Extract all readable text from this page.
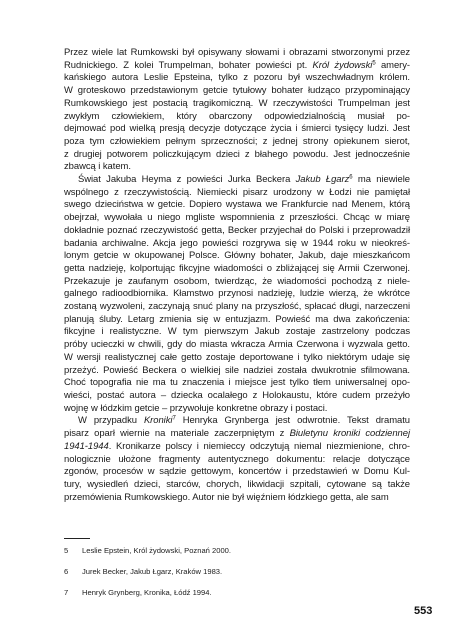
Przez wiele lat Rumkowski był opisywany słowami i obrazami stworzonymi przez
Rudnickiego. Z kolei Trumpelman, bohater powieści pt. Król żydowski$^5$ amery-
kańskiego autora Leslie Epsteina, tylko z pozoru był wszechwładnym królem.
W groteskowo przedstawionym getcie tytułowy bohater łudząco przypominający
Rumkowskiego jest postacią tragikomiczną. W rzeczywistości Trumpelman jest
zwykłym człowiekiem, który obarczony odpowiedzialnością musiał po-
dejmować pod wielką presją decyzje dotyczące życia i śmierci tysięcy ludzi. Jest
poza tym człowiekiem pełnym sprzeczności; z jednej strony opiekunem sierot,
z drugiej potworem policzkującym dzieci z błahego powodu. Jest jednocześnie
zbawcą i katem.

Świat Jakuba Heyma z powieści Jurka Beckera Jakub Łgarz$^6$ ma niewiele
wspólnego z rzeczywistością. Niemiecki pisarz urodzony w Łodzi nie pamiętał
swego dzieciństwa w getcie. Dopiero wystawa we Frankfurcie nad Menem, którą
obejrzał, wywołała u niego mgliste wspomnienia z przeszłości. Chcąc w miarę
dokładnie poznać rzeczywistość getta, Becker przyjechał do Polski i przeprowadził
badania archiwalne. Akcja jego powieści rozgrywa się w 1944 roku w nieokreś-
lonym getcie w okupowanej Polsce. Główny bohater, Jakub, daje mieszkańcom
getta nadzieję, kolportując fikcyjne wiadomości o zbliżającej się Armii Czerwonej.
Przekazuje je zaufanym osobom, twierdząc, że wiadomości pochodzą z niele-
galnego radioodbiornika. Kłamstwo przynosi nadzieję, ludzie wierzą, że wkrótce
zostaną wyzwoleni, zaczynają snuć plany na przyszłość, spłacać długi, narzeczeni
planują śluby. Letarg zmienia się w entuzjazm. Powieść ma dwa zakończenia:
fikcyjne i realistyczne. W tym pierwszym Jakub zostaje zastrzelony podczas
próby ucieczki w chwili, gdy do miasta wkracza Armia Czerwona i wyzwala getto.
W wersji realistycznej całe getto zostaje deportowane i tylko niektórym udaje się
przeżyć. Powieść Beckera o wielkiej sile nadziei została dwukrotnie sfilmowana.
Choć topografia nie ma tu znaczenia i miejsce jest tylko tłem uniwersalnej opo-
wieści, postać autora – dziecka ocalałego z Holokaustu, które cudem przeżyło
wojnę w łódzkim getcie – przywołuje konkretne obrazy i postaci.

W przypadku Kroniki$^7$ Henryka Grynberga jest odwrotnie. Tekst dramatu
pisarz oparł wiernie na materiale zaczerpniętym z Biuletynu kroniki codziennej
1941-1944. Kronikarze polscy i niemieccy odczytują niemal niezmienione, chro-
nologicznie ułożone fragmenty autentycznego dokumentu: relacje dotyczące
zgonów, procesów w sądzie gettowym, koncertów i przedstawień w Domu Kul-
tury, wysiedleń dzieci, starców, chorych, likwidacji szpitali, cytowane są także
przemówienia Rumkowskiego. Autor nie był więźniem łódzkiego getta, ale sam

5	Leslie Epstein, Król żydowski, Poznań 2000.
6	Jurek Becker, Jakub Łgarz, Kraków 1983.
7	Henryk Grynberg, Kronika, Łódź 1994.
553
